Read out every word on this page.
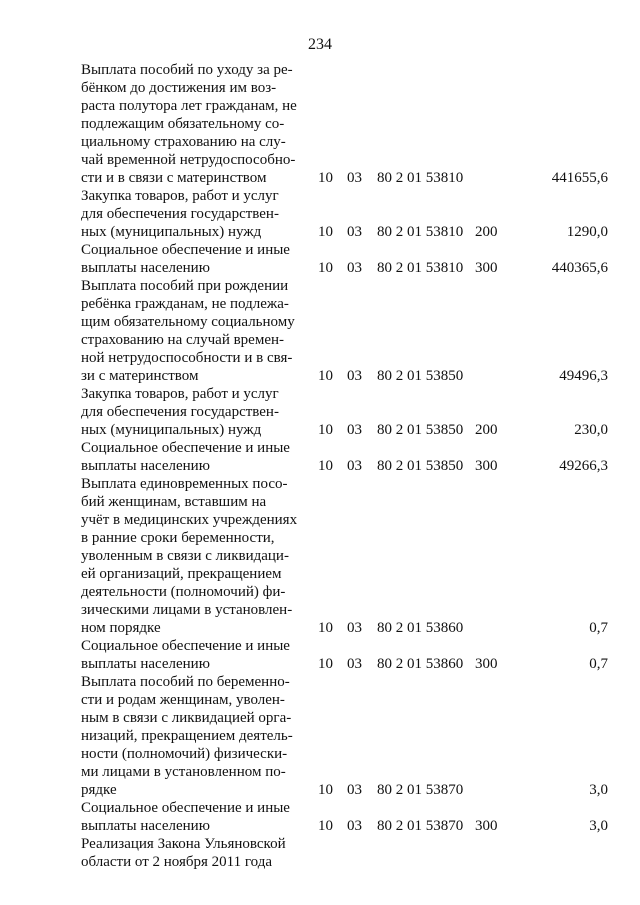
234
Выплата пособий по уходу за ре-
бёнком до достижения им воз-
раста полутора лет гражданам, не
подлежащим обязательному со-
циальному страхованию на слу-
чай временной нетрудоспособно-
сти и в связи с материнством	10 03 80 2 01 53810	441655,6
Закупка товаров, работ и услуг
для обеспечения государствен-
ных (муниципальных) нужд	10 03 80 2 01 53810 200	1290,0
Социальное обеспечение и иные
выплаты населению	10 03 80 2 01 53810 300	440365,6
Выплата пособий при рождении
ребёнка гражданам, не подлежа-
щим обязательному социальному
страхованию на случай времен-
ной нетрудоспособности и в свя-
зи с материнством	10 03 80 2 01 53850	49496,3
Закупка товаров, работ и услуг
для обеспечения государствен-
ных (муниципальных) нужд	10 03 80 2 01 53850 200	230,0
Социальное обеспечение и иные
выплаты населению	10 03 80 2 01 53850 300	49266,3
Выплата единовременных посо-
бий женщинам, вставшим на
учёт в медицинских учреждениях
в ранние сроки беременности,
уволенным в связи с ликвидаци-
ей организаций, прекращением
деятельности (полномочий) фи-
зическими лицами в установлен-
ном порядке	10 03 80 2 01 53860	0,7
Социальное обеспечение и иные
выплаты населению	10 03 80 2 01 53860 300	0,7
Выплата пособий по беременно-
сти и родам женщинам, уволен-
ным в связи с ликвидацией орга-
низаций, прекращением деятель-
ности (полномочий) физически-
ми лицами в установленном по-
рядке	10 03 80 2 01 53870	3,0
Социальное обеспечение и иные
выплаты населению	10 03 80 2 01 53870 300	3,0
Реализация Закона Ульяновской
области от 2 ноября 2011 года
